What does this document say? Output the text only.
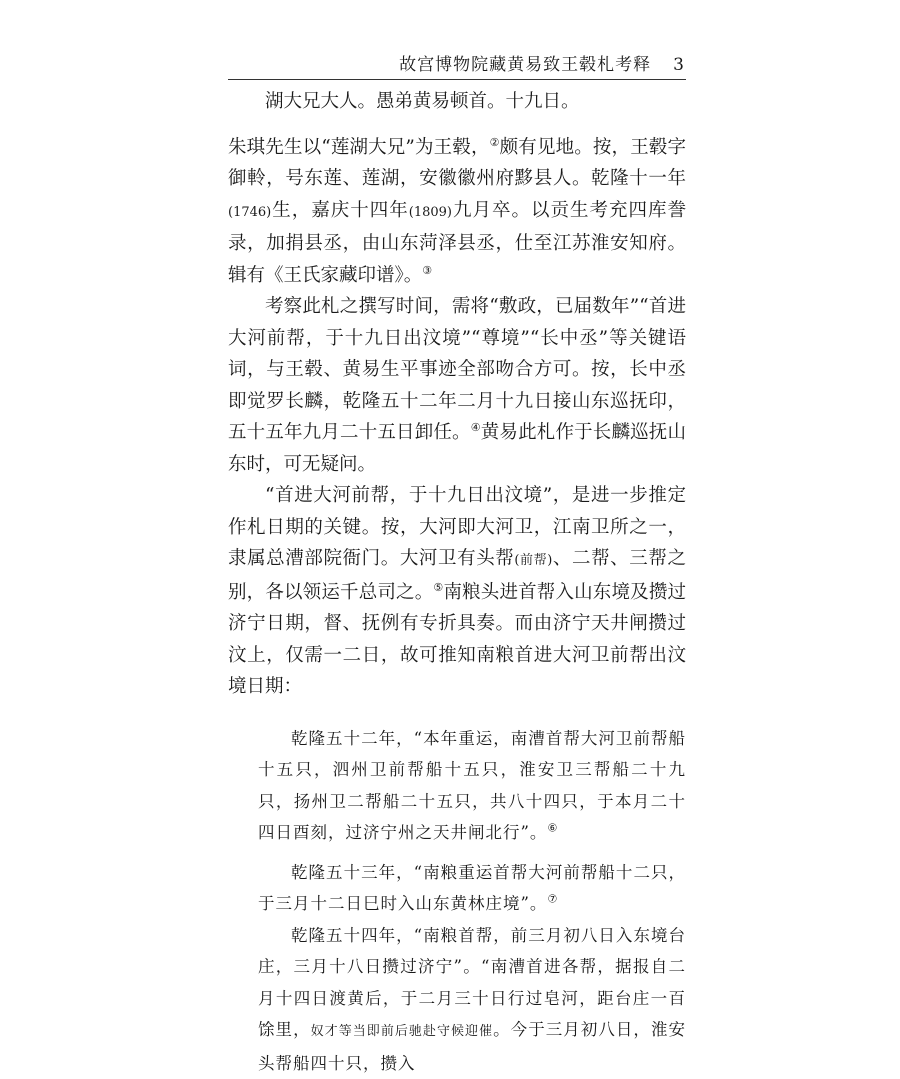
故宫博物院藏黄易致王毂札考释 3

湖大兄大人。愚弟黄易顿首。十九日。

朱琪先生以“莲湖大兄”为王毂，②颇有见地。按，王毂字御軨，号东莲、莲湖，安徽徽州府黟县人。乾隆十一年(1746)生，嘉庆十四年(1809)九月卒。以贡生考充四库誊录，加捐县丞，由山东菏泽县丞，仕至江苏淮安知府。辑有《王氏家藏印谱》。③

考察此札之撰写时间，需将“敷政，已届数年”“首进大河前帮，于十九日出汶境”“尊境”“长中丞”等关键语词，与王毂、黄易生平事迹全部吻合方可。按，长中丞即觉罗长麟，乾隆五十二年二月十九日接山东巡抚印，五十五年九月二十五日卸任。④黄易此札作于长麟巡抚山东时，可无疑问。

“首进大河前帮，于十九日出汶境”，是进一步推定作札日期的关键。按，大河即大河卫，江南卫所之一，隶属总漕部院衙门。大河卫有头帮(前帮)、二帮、三帮之别，各以领运千总司之。⑤南粮头进首帮入山东境及攒过济宁日期，督、抚例有专折具奏。而由济宁天井闸攒过汶上，仅需一二日，故可推知南粮首进大河卫前帮出汶境日期：

乾隆五十二年，“本年重运，南漕首帮大河卫前帮船十五只，泗州卫前帮船十五只，淮安卫三帮船二十九只，扬州卫二帮船二十五只，共八十四只，于本月二十四日酉刻，过济宁州之天井闸北行”。⑥

乾隆五十三年，“南粮重运首帮大河前帮船十二只，于三月十二日巳时入山东黄林庄境”。⑦

乾隆五十四年，“南粮首帮，前三月初八日入东境台庄，三月十八日攒过济宁”。“南漕首进各帮，据报自二月十四日渡黄后，于二月三十日行过皂河，距台庄一百馀里，奴才等当即前后驰赴守候迎催。今于三月初八日，淮安头帮船四十只，攒入
